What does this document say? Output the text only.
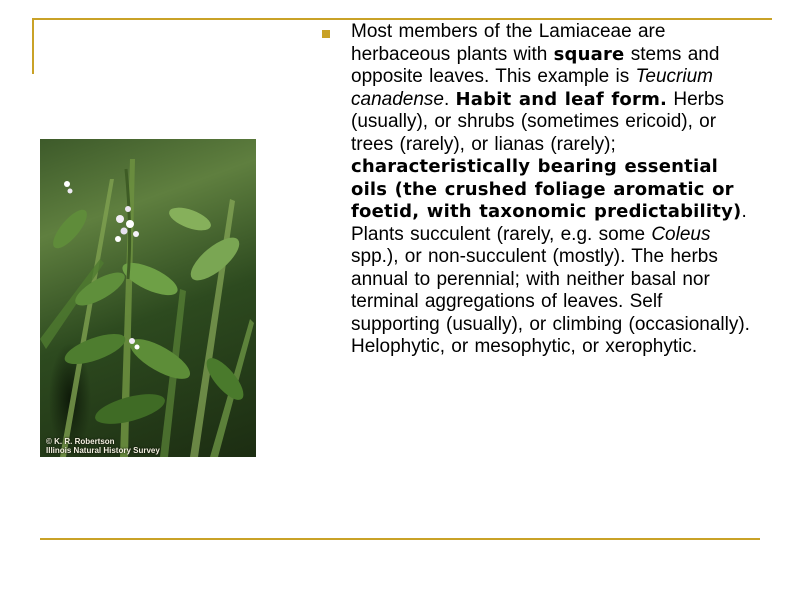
© K. R. Robertson
Illinois Natural History Survey
Most members of the Lamiaceae are herbaceous plants with square stems and opposite leaves. This example is Teucrium canadense. Habit and leaf form. Herbs (usually), or shrubs (sometimes ericoid), or trees (rarely), or lianas (rarely); characteristically bearing essential oils (the crushed foliage aromatic or foetid, with taxonomic predictability). Plants succulent (rarely, e.g. some Coleus spp.), or non-succulent (mostly). The herbs annual to perennial; with neither basal nor terminal aggregations of leaves. Self supporting (usually), or climbing (occasionally). Helophytic, or mesophytic, or xerophytic.
